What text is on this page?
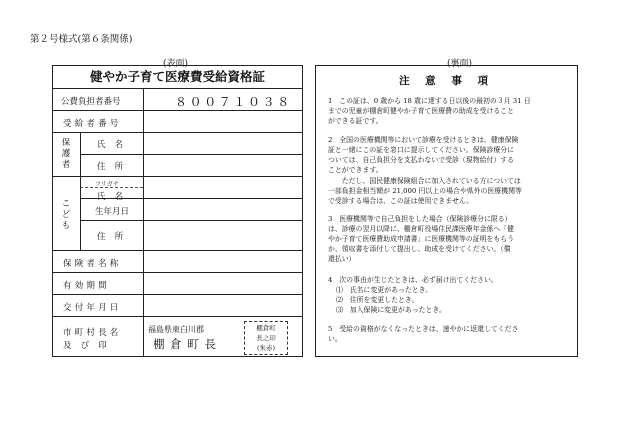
第２号様式(第６条関係)
(表面)	(裏面)
健やか子育て医療費受給資格証
公費負担者番号	８００７１０３８
受給者番号
保護者
氏 名
住 所
こども
フリガナ
氏 名
生年月日
住 所
保険者名称
有効期間
交付年月日
市町村長名
及 び 印
福島県東白川郡
棚 倉 町 長
棚倉町
長之印
(朱赤)
注 意 事 項
1　この証は、0 歳から 18 歳に達する日以後の最初の３月 31 日
までの児童が棚倉町健やか子育て医療費の助成を受けること
ができる証です。
2　全国の医療機関等において診療を受けるときは、健康保険
証と一緒にこの証を窓口に提示してください。保険診療分に
ついては、自己負担分を支払わないで受診（現物給付）する
ことができます。
　　ただし、国民健康保険組合に加入されている方については
一部負担金相当額が 21,000 円以上の場合や県外の医療機関等
で受診する場合は、この証は使用できません。
3　医療機関等で自己負担をした場合（保険診療分に限る）
は、診療の翌月以降に、棚倉町役場住民課医療年金係へ「健
やか子育て医療費助成申請書」に医療機関等の証明をもらう
か、領収書を添付して提出し、助成を受けてください。（償
還払い）
4　次の事由が生じたときは、必ず届け出てください。
⑴　氏名に変更があったとき。
⑵　住所を変更したとき。
⑶　加入保険に変更があったとき。
5　受給の資格がなくなったときは、速やかに返還してくださ
い。
